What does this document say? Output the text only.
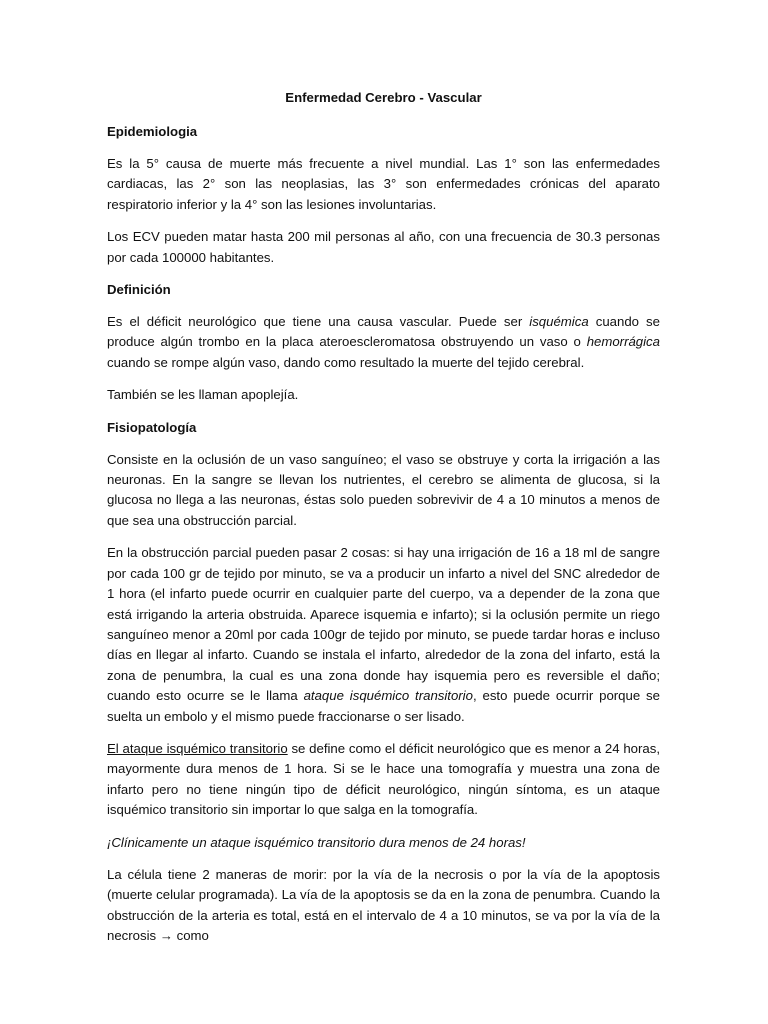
Enfermedad Cerebro - Vascular
Epidemiologia

Es la 5° causa de muerte más frecuente a nivel mundial. Las 1° son las enfermedades cardiacas, las 2° son las neoplasias, las 3° son enfermedades crónicas del aparato respiratorio inferior y la 4° son las lesiones involuntarias.

Los ECV pueden matar hasta 200 mil personas al año, con una frecuencia de 30.3 personas por cada 100000 habitantes.

Definición

Es el déficit neurológico que tiene una causa vascular. Puede ser isquémica cuando se produce algún trombo en la placa ateroescleromatosa obstruyendo un vaso o hemorrágica cuando se rompe algún vaso, dando como resultado la muerte del tejido cerebral.

También se les llaman apoplejía.

Fisiopatología

Consiste en la oclusión de un vaso sanguíneo; el vaso se obstruye y corta la irrigación a las neuronas. En la sangre se llevan los nutrientes, el cerebro se alimenta de glucosa, si la glucosa no llega a las neuronas, éstas solo pueden sobrevivir de 4 a 10 minutos a menos de que sea una obstrucción parcial.

En la obstrucción parcial pueden pasar 2 cosas: si hay una irrigación de 16 a 18 ml de sangre por cada 100 gr de tejido por minuto, se va a producir un infarto a nivel del SNC alrededor de 1 hora (el infarto puede ocurrir en cualquier parte del cuerpo, va a depender de la zona que está irrigando la arteria obstruida. Aparece isquemia e infarto); si la oclusión permite un riego sanguíneo menor a 20ml por cada 100gr de tejido por minuto, se puede tardar horas e incluso días en llegar al infarto. Cuando se instala el infarto, alrededor de la zona del infarto, está la zona de penumbra, la cual es una zona donde hay isquemia pero es reversible el daño; cuando esto ocurre se le llama ataque isquémico transitorio, esto puede ocurrir porque se suelta un embolo y el mismo puede fraccionarse o ser lisado.

El ataque isquémico transitorio se define como el déficit neurológico que es menor a 24 horas, mayormente dura menos de 1 hora. Si se le hace una tomografía y muestra una zona de infarto pero no tiene ningún tipo de déficit neurológico, ningún síntoma, es un ataque isquémico transitorio sin importar lo que salga en la tomografía.

¡Clínicamente un ataque isquémico transitorio dura menos de 24 horas!

La célula tiene 2 maneras de morir: por la vía de la necrosis o por la vía de la apoptosis (muerte celular programada). La vía de la apoptosis se da en la zona de penumbra. Cuando la obstrucción de la arteria es total, está en el intervalo de 4 a 10 minutos, se va por la vía de la necrosis → como
